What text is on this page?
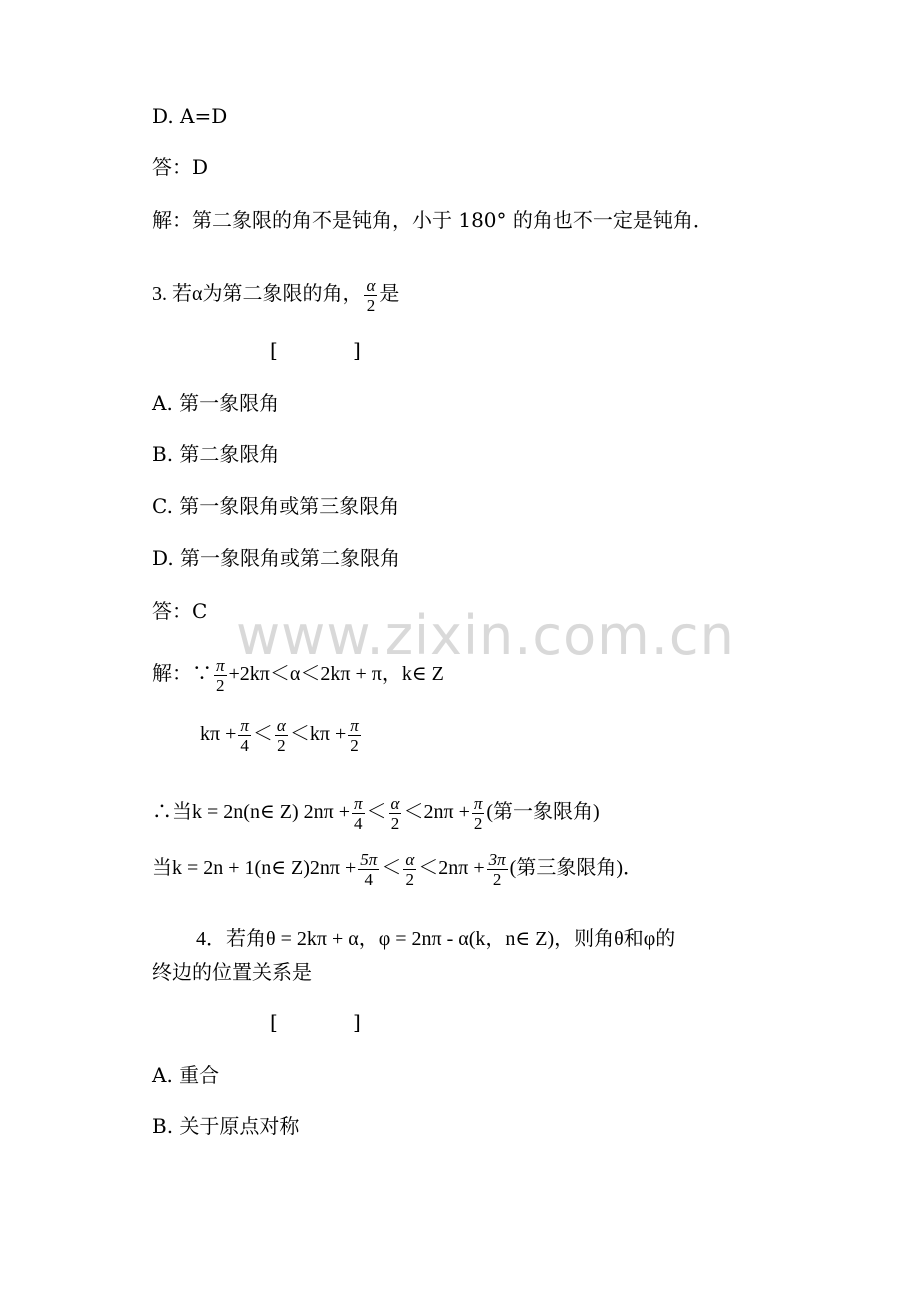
www.zixin.com.cn
D. A=D
答：D
解：第二象限的角不是钝角，小于 180° 的角也不一定是钝角．
3. 若α为第二象限的角， $\frac{\alpha}{2}$ 是
[	]
A. 第一象限角
B. 第二象限角
C. 第一象限角或第三象限角
D. 第一象限角或第二象限角
答：C
解：∵ $\frac{\pi}{2} +2k\pi<\alpha<2k\pi + \pi$，k∈ Z
$k\pi + \frac{\pi}{4} < \frac{\alpha}{2} <k\pi + \frac{\pi}{2}$
∴当k = 2n(n∈ Z) $2n\pi + \frac{\pi}{4} < \frac{\alpha}{2} <2n\pi + \frac{\pi}{2}$ (第一象限角)
当k = 2n + 1(n∈ $Z)2n\pi + \frac{5\pi}{4} < \frac{\alpha}{2} <2n\pi + \frac{3\pi}{2}$ (第三象限角)．
4．若角θ = 2kπ + α，φ = 2nπ - α(k，n∈ Z)，则角θ和φ的
终边的位置关系是
[	]
A. 重合
B. 关于原点对称
